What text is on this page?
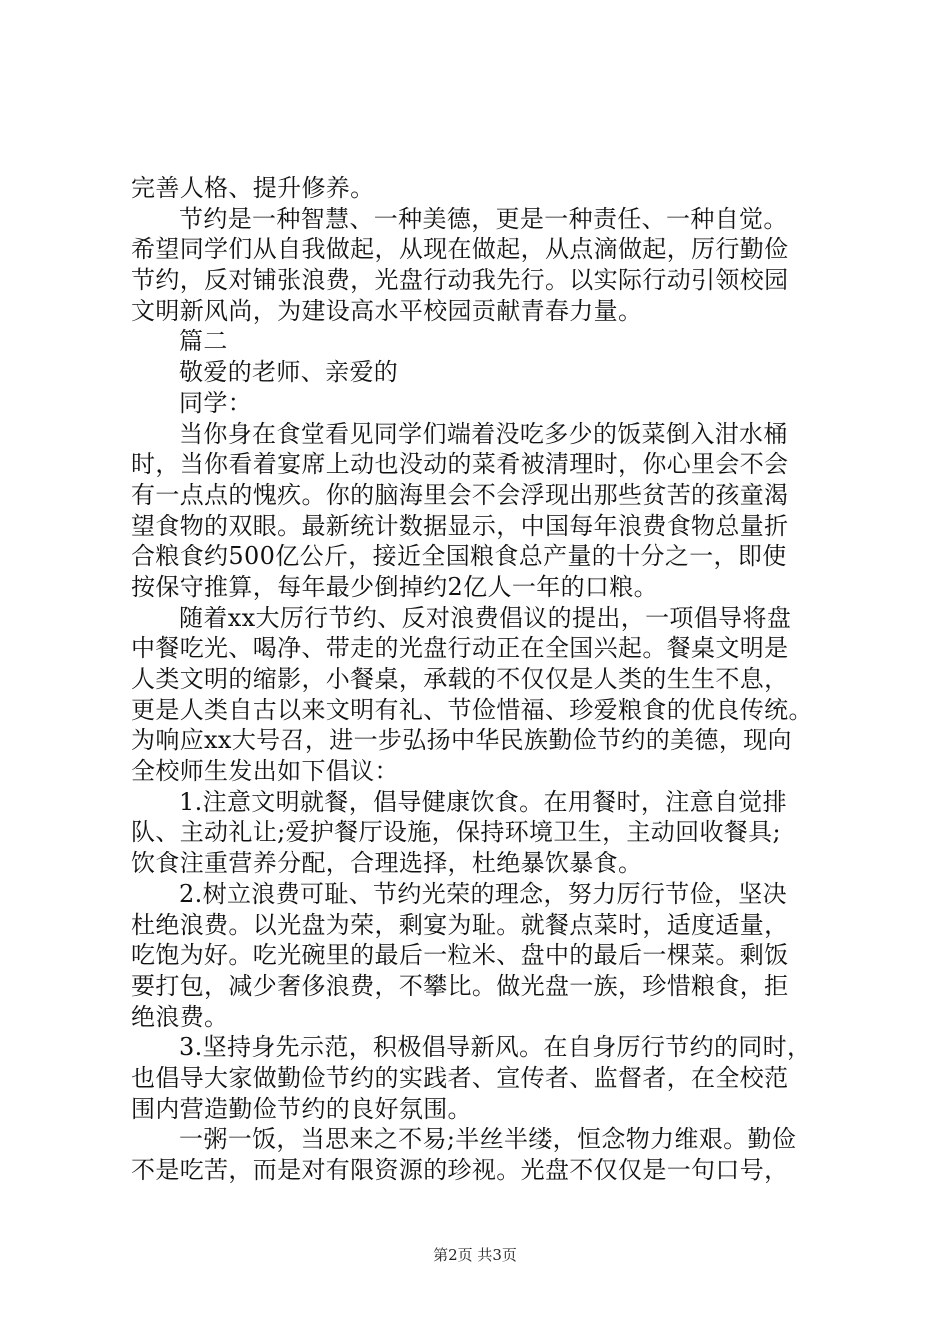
完善人格、提升修养。
节约是一种智慧、一种美德，更是一种责任、一种自觉。
希望同学们从自我做起，从现在做起，从点滴做起，厉行勤俭
节约，反对铺张浪费，光盘行动我先行。以实际行动引领校园
文明新风尚，为建设高水平校园贡献青春力量。
篇二
敬爱的老师、亲爱的
同学：
当你身在食堂看见同学们端着没吃多少的饭菜倒入泔水桶
时，当你看着宴席上动也没动的菜肴被清理时，你心里会不会
有一点点的愧疚。你的脑海里会不会浮现出那些贫苦的孩童渴
望食物的双眼。最新统计数据显示，中国每年浪费食物总量折
合粮食约500亿公斤，接近全国粮食总产量的十分之一，即使
按保守推算，每年最少倒掉约2亿人一年的口粮。
随着xx大厉行节约、反对浪费倡议的提出，一项倡导将盘
中餐吃光、喝净、带走的光盘行动正在全国兴起。餐桌文明是
人类文明的缩影，小餐桌，承载的不仅仅是人类的生生不息，
更是人类自古以来文明有礼、节俭惜福、珍爱粮食的优良传统。
为响应xx大号召，进一步弘扬中华民族勤俭节约的美德，现向
全校师生发出如下倡议：
1.注意文明就餐，倡导健康饮食。在用餐时，注意自觉排
队、主动礼让;爱护餐厅设施，保持环境卫生，主动回收餐具;
饮食注重营养分配，合理选择，杜绝暴饮暴食。
2.树立浪费可耻、节约光荣的理念，努力厉行节俭，坚决
杜绝浪费。以光盘为荣，剩宴为耻。就餐点菜时，适度适量，
吃饱为好。吃光碗里的最后一粒米、盘中的最后一棵菜。剩饭
要打包，减少奢侈浪费，不攀比。做光盘一族，珍惜粮食，拒
绝浪费。
3.坚持身先示范，积极倡导新风。在自身厉行节约的同时，
也倡导大家做勤俭节约的实践者、宣传者、监督者，在全校范
围内营造勤俭节约的良好氛围。
一粥一饭，当思来之不易;半丝半缕，恒念物力维艰。勤俭
不是吃苦，而是对有限资源的珍视。光盘不仅仅是一句口号，
第2页 共3页
